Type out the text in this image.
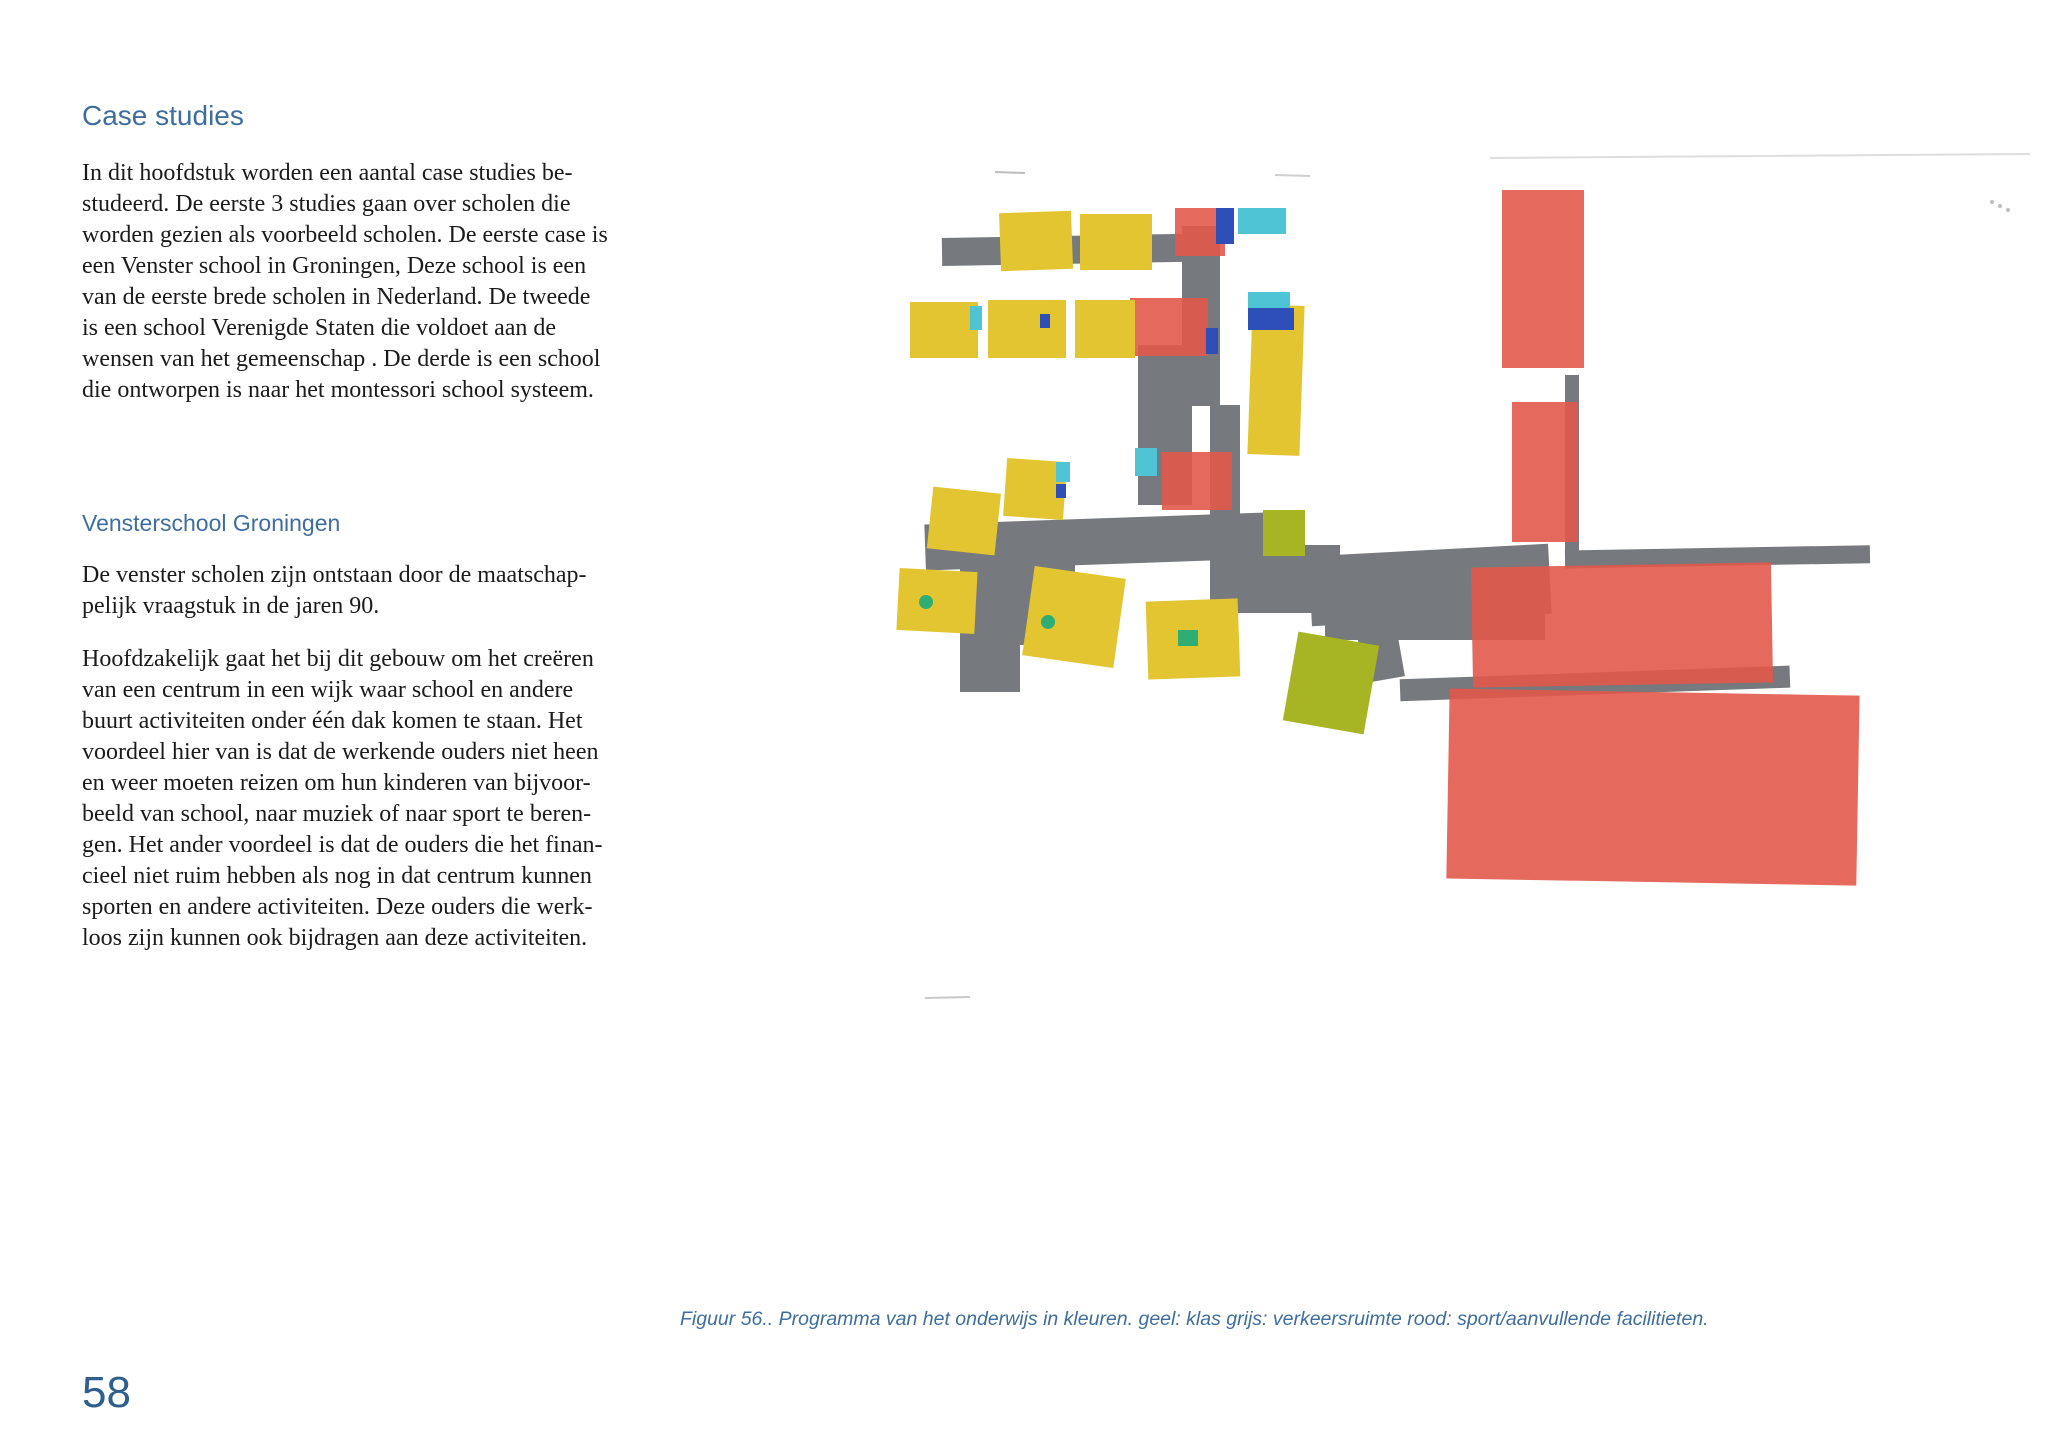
Case studies

In dit hoofdstuk worden een aantal case studies be-
studeerd. De eerste 3 studies gaan over scholen die
worden gezien als voorbeeld scholen. De eerste case is
een Venster school in Groningen, Deze school is een
van de eerste brede scholen in Nederland. De tweede
is een school Verenigde Staten die voldoet aan de
wensen van het gemeenschap . De derde is een school
die ontworpen is naar het montessori school systeem.

Vensterschool Groningen

De venster scholen zijn ontstaan door de maatschap-
pelijk vraagstuk in de jaren 90.

Hoofdzakelijk gaat het bij dit gebouw om het creëren
van een centrum in een wijk waar school en andere
buurt activiteiten onder één dak komen te staan. Het
voordeel hier van is dat de werkende ouders niet heen
en weer moeten reizen om hun kinderen van bijvoor-
beeld van school, naar muziek of naar sport te beren-
gen. Het ander voordeel is dat de ouders die het finan-
cieel niet ruim hebben als nog in dat centrum kunnen
sporten en andere activiteiten. Deze ouders die werk-
loos zijn kunnen ook bijdragen aan deze activiteiten.

Figuur 56.. Programma van het onderwijs in kleuren. geel: klas grijs: verkeersruimte rood: sport/aanvullende facilitieten.
58
